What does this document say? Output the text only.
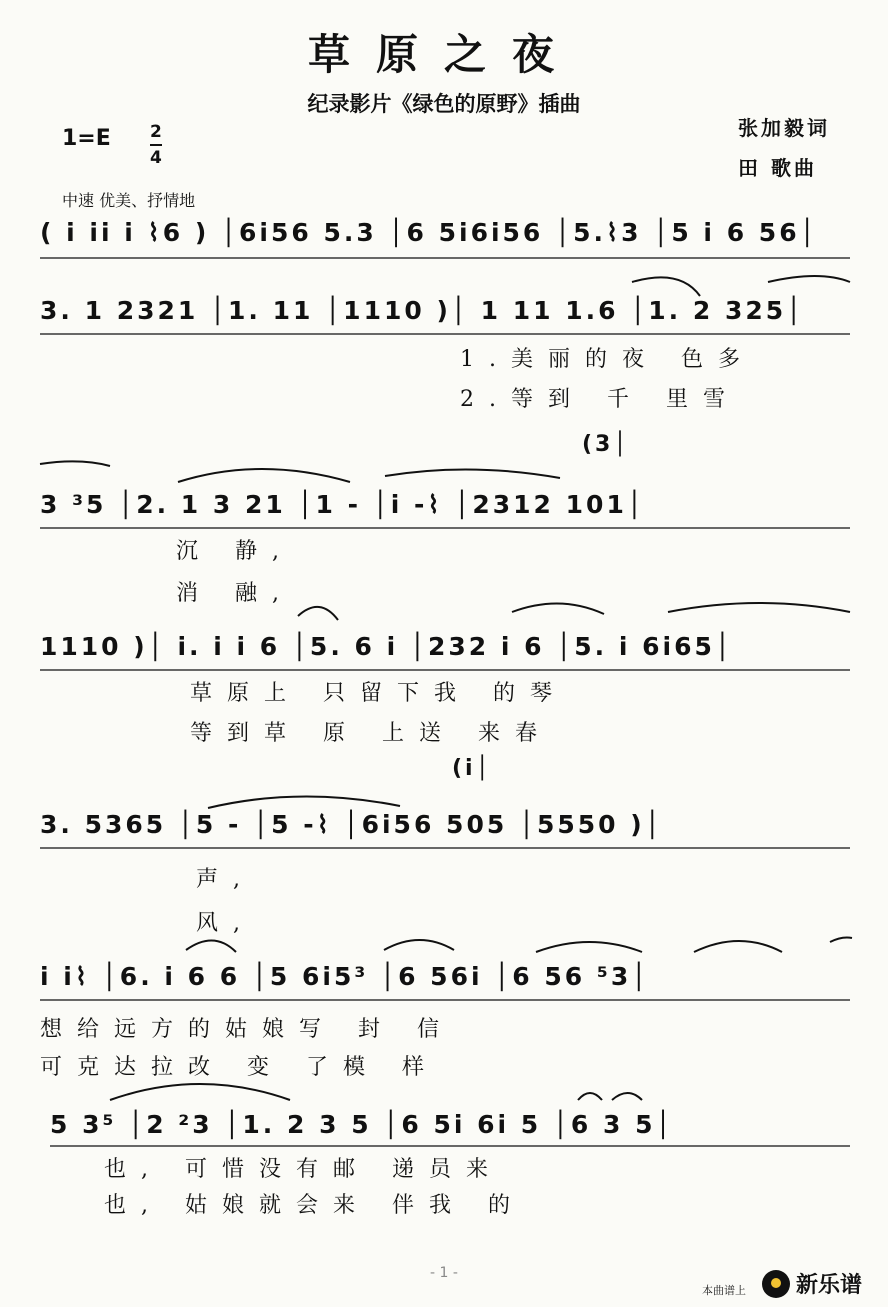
草原之夜
纪录影片《绿色的原野》插曲
张加毅词
田 歌曲
1=E 2
4
中速 优美、抒情地
( i ii i ⌇6 ) │6i56 5.3 │6 5i6i56 │5.⌇3 │5 i 6 56│
3. 1 2321 │1. 11 │1110 )│ 1 11 1.6 │1. 2 325│
1.美丽的夜 色多
2.等到 千 里雪
(3│
3 ³5 │2. 1 3 21 │1 - │i -⌇ │2312 101│
沉 静,
消 融,
1110 )│ i. i i 6 │5. 6 i │232 i 6 │5. i 6i65│
草原上 只留下我 的琴
等到草 原 上送 来春
(i│
3. 5365 │5 - │5 -⌇ │6i56 505 │5550 )│
声,
风,
i i⌇ │6. i 6 6 │5 6i5³ │6 56i │6 56 ⁵3│
想给远方的姑娘写 封 信
可克达拉改 变 了模 样
5 3⁵ │2 ²3 │1. 2 3 5 │6 5i 6i 5 │6 3 5│
也, 可惜没有邮 递员来
也, 姑娘就会来 伴我 的
- 1 -
本曲谱上 新乐谱
